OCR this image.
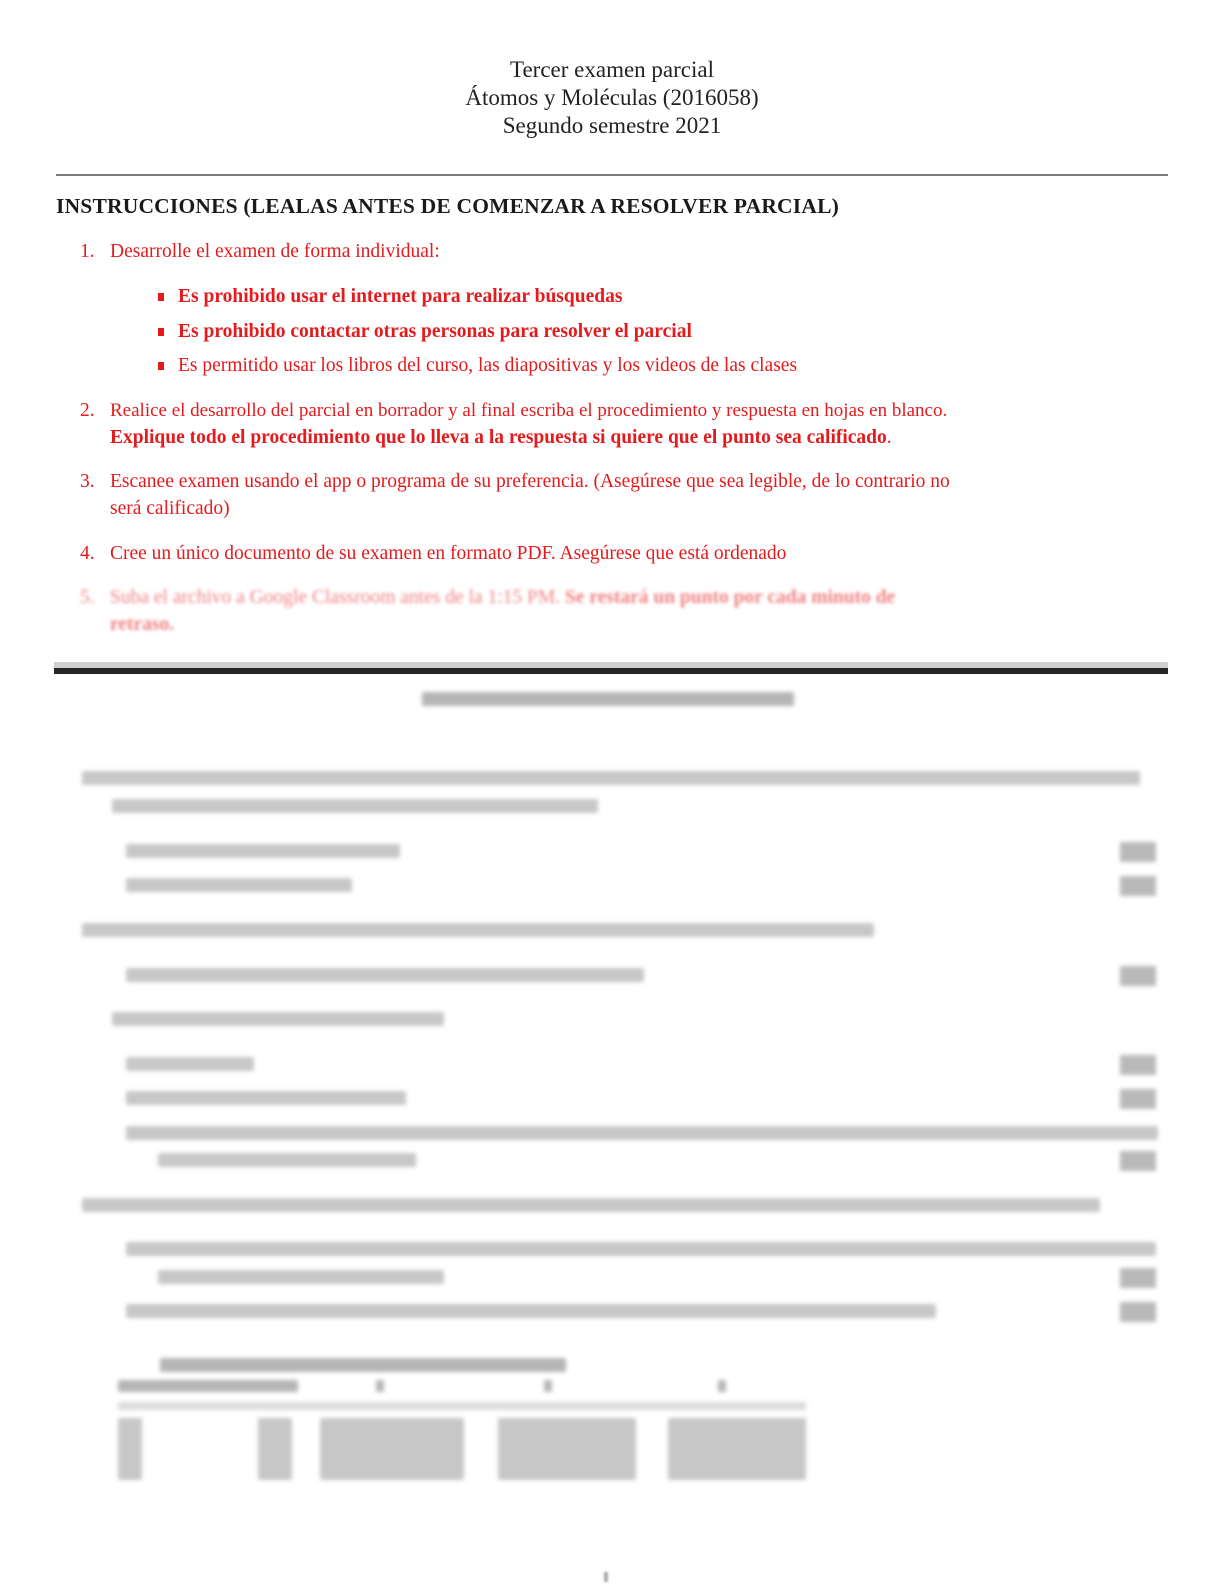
Tercer examen parcial
Átomos y Moléculas (2016058)
Segundo semestre 2021
INSTRUCCIONES (LEALAS ANTES DE COMENZAR A RESOLVER PARCIAL)
1. Desarrolle el examen de forma individual:
Es prohibido usar el internet para realizar búsquedas
Es prohibido contactar otras personas para resolver el parcial
Es permitido usar los libros del curso, las diapositivas y los videos de las clases
2. Realice el desarrollo del parcial en borrador y al final escriba el procedimiento y respuesta en hojas en blanco.
Explique todo el procedimiento que lo lleva a la respuesta si quiere que el punto sea calificado.
3. Escanee examen usando el app o programa de su preferencia. (Asegúrese que sea legible, de lo contrario no
será calificado)
4. Cree un único documento de su examen en formato PDF. Asegúrese que está ordenado
5. Suba el archivo a Google Classroom antes de la 1:15 PM. Se restará un punto por cada minuto de
retraso.
